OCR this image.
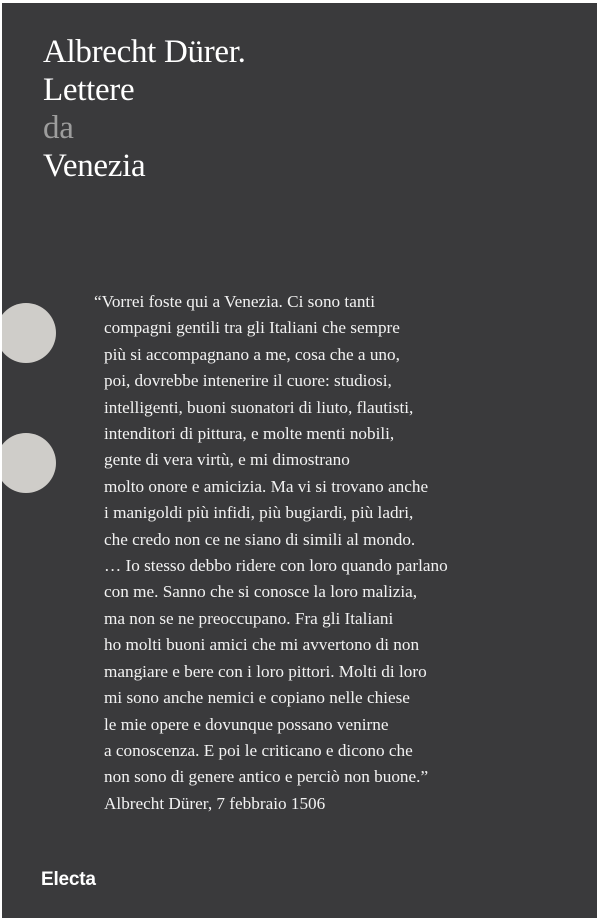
Albrecht Dürer.
Lettere
da
Venezia
“Vorrei foste qui a Venezia. Ci sono tanti
compagni gentili tra gli Italiani che sempre
più si accompagnano a me, cosa che a uno,
poi, dovrebbe intenerire il cuore: studiosi,
intelligenti, buoni suonatori di liuto, flautisti,
intenditori di pittura, e molte menti nobili,
gente di vera virtù, e mi dimostrano
molto onore e amicizia. Ma vi si trovano anche
i manigoldi più infidi, più bugiardi, più ladri,
che credo non ce ne siano di simili al mondo.
… Io stesso debbo ridere con loro quando parlano
con me. Sanno che si conosce la loro malizia,
ma non se ne preoccupano. Fra gli Italiani
ho molti buoni amici che mi avvertono di non
mangiare e bere con i loro pittori. Molti di loro
mi sono anche nemici e copiano nelle chiese
le mie opere e dovunque possano venirne
a conoscenza. E poi le criticano e dicono che
non sono di genere antico e perciò non buone.”
Albrecht Dürer, 7 febbraio 1506
Electa
